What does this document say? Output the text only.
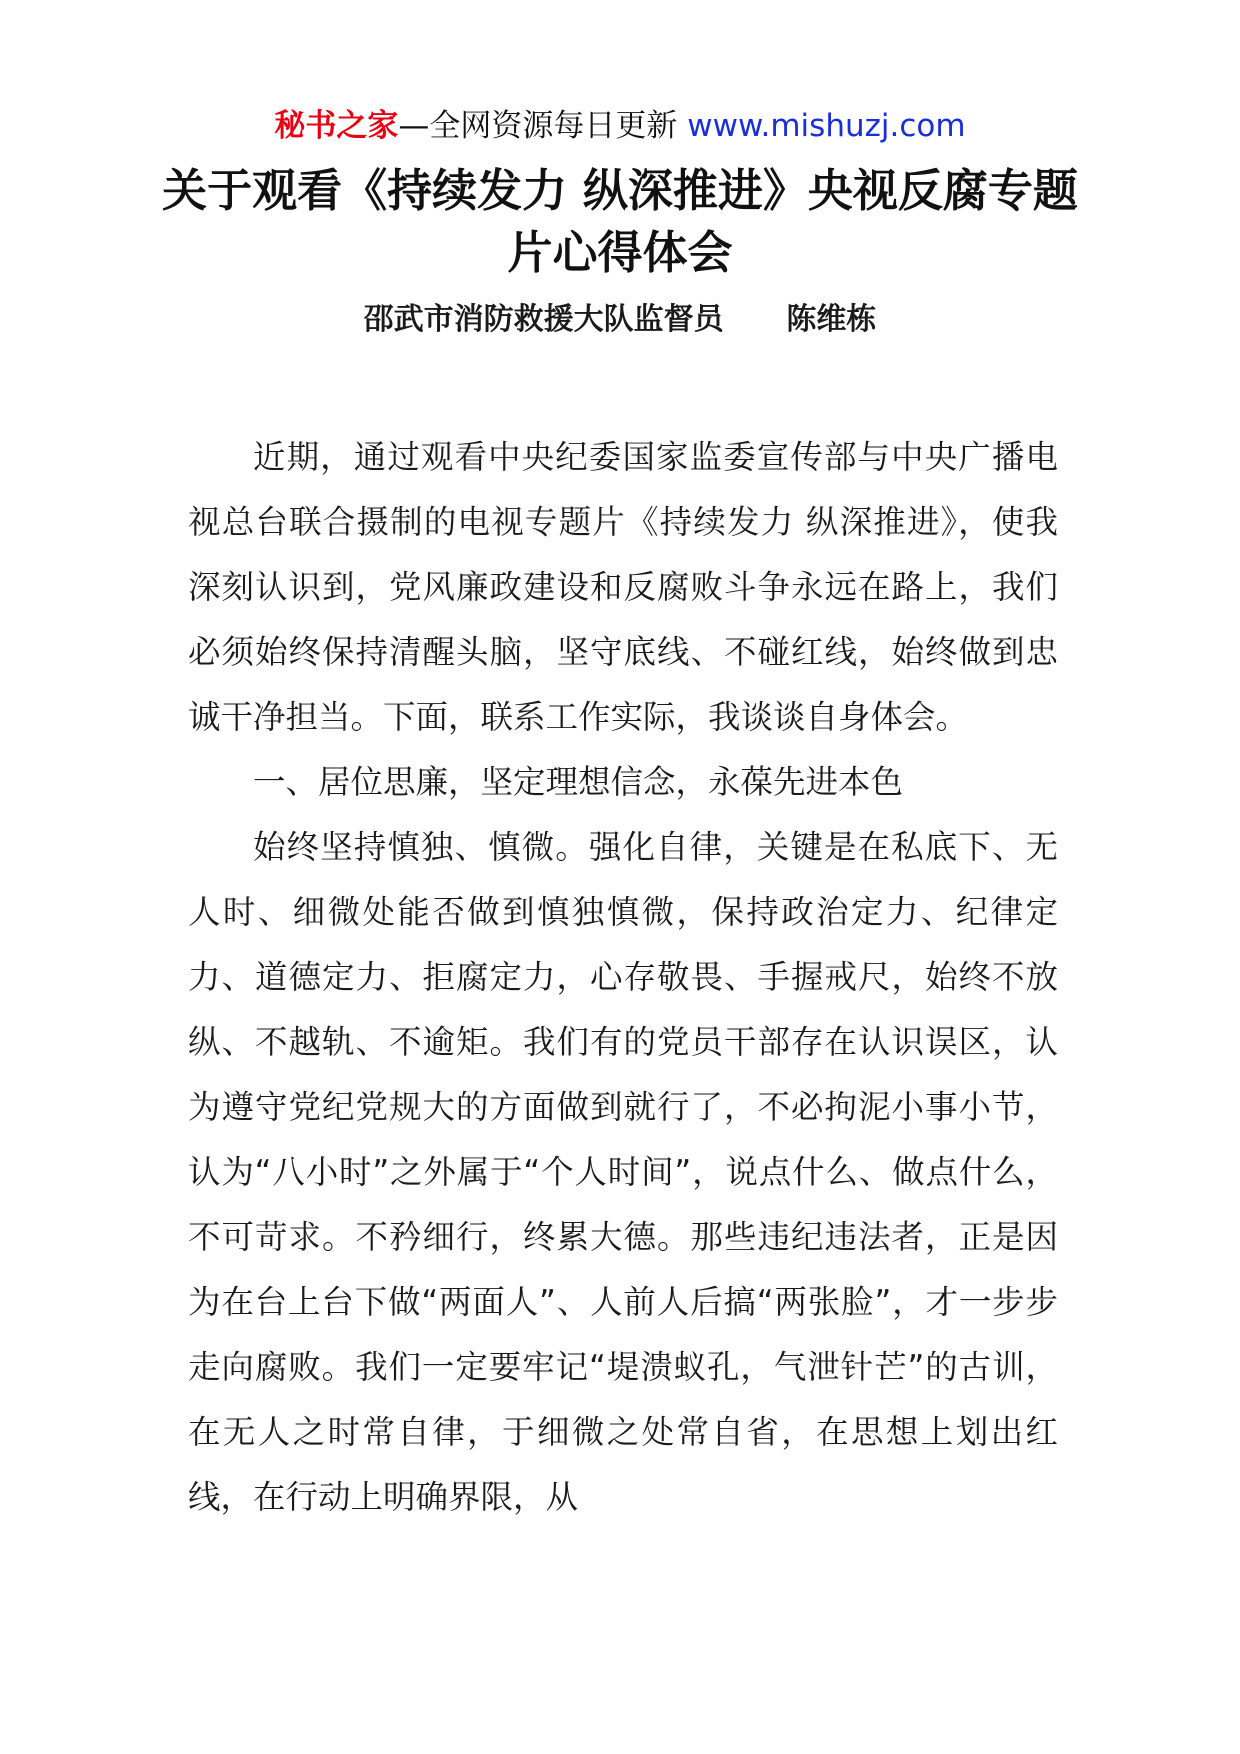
秘书之家—全网资源每日更新 www.mishuzj.com
关于观看《持续发力 纵深推进》央视反腐专题片心得体会
邵武市消防救援大队监督员      陈维栋

近期，通过观看中央纪委国家监委宣传部与中央广播电视总台联合摄制的电视专题片《持续发力 纵深推进》，使我深刻认识到，党风廉政建设和反腐败斗争永远在路上，我们必须始终保持清醒头脑，坚守底线、不碰红线，始终做到忠诚干净担当。下面，联系工作实际，我谈谈自身体会。

一、居位思廉，坚定理想信念，永葆先进本色

始终坚持慎独、慎微。强化自律，关键是在私底下、无人时、细微处能否做到慎独慎微，保持政治定力、纪律定力、道德定力、拒腐定力，心存敬畏、手握戒尺，始终不放纵、不越轨、不逾矩。我们有的党员干部存在认识误区，认为遵守党纪党规大的方面做到就行了，不必拘泥小事小节，认为“八小时”之外属于“个人时间”，说点什么、做点什么，不可苛求。不矜细行，终累大德。那些违纪违法者，正是因为在台上台下做“两面人”、人前人后搞“两张脸”，才一步步走向腐败。我们一定要牢记“堤溃蚁孔，气泄针芒”的古训，在无人之时常自律，于细微之处常自省，在思想上划出红线，在行动上明确界限，从
